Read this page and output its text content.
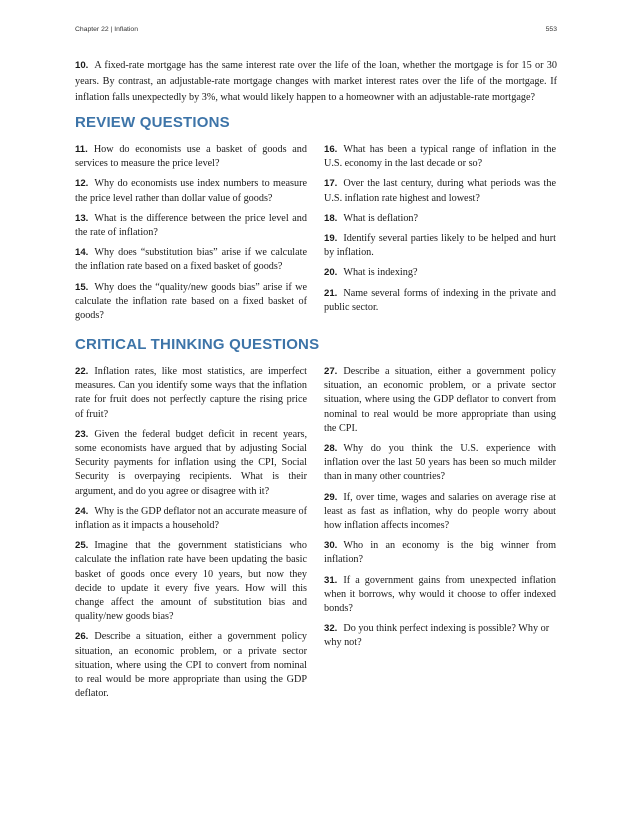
Chapter 22 | Inflation	553
10. A fixed-rate mortgage has the same interest rate over the life of the loan, whether the mortgage is for 15 or 30 years. By contrast, an adjustable-rate mortgage changes with market interest rates over the life of the mortgage. If inflation falls unexpectedly by 3%, what would likely happen to a homeowner with an adjustable-rate mortgage?
REVIEW QUESTIONS

11. How do economists use a basket of goods and services to measure the price level?

12. Why do economists use index numbers to measure the price level rather than dollar value of goods?

13. What is the difference between the price level and the rate of inflation?

14. Why does “substitution bias” arise if we calculate the inflation rate based on a fixed basket of goods?

15. Why does the “quality/new goods bias” arise if we calculate the inflation rate based on a fixed basket of goods?

16. What has been a typical range of inflation in the U.S. economy in the last decade or so?

17. Over the last century, during what periods was the U.S. inflation rate highest and lowest?

18. What is deflation?

19. Identify several parties likely to be helped and hurt by inflation.

20. What is indexing?

21. Name several forms of indexing in the private and public sector.

CRITICAL THINKING QUESTIONS

22. Inflation rates, like most statistics, are imperfect measures. Can you identify some ways that the inflation rate for fruit does not perfectly capture the rising price of fruit?

23. Given the federal budget deficit in recent years, some economists have argued that by adjusting Social Security payments for inflation using the CPI, Social Security is overpaying recipients. What is their argument, and do you agree or disagree with it?

24. Why is the GDP deflator not an accurate measure of inflation as it impacts a household?

25. Imagine that the government statisticians who calculate the inflation rate have been updating the basic basket of goods once every 10 years, but now they decide to update it every five years. How will this change affect the amount of substitution bias and quality/new goods bias?

26. Describe a situation, either a government policy situation, an economic problem, or a private sector situation, where using the CPI to convert from nominal to real would be more appropriate than using the GDP deflator.

27. Describe a situation, either a government policy situation, an economic problem, or a private sector situation, where using the GDP deflator to convert from nominal to real would be more appropriate than using the CPI.

28. Why do you think the U.S. experience with inflation over the last 50 years has been so much milder than in many other countries?

29. If, over time, wages and salaries on average rise at least as fast as inflation, why do people worry about how inflation affects incomes?

30. Who in an economy is the big winner from inflation?

31. If a government gains from unexpected inflation when it borrows, why would it choose to offer indexed bonds?

32. Do you think perfect indexing is possible? Why or why not?
